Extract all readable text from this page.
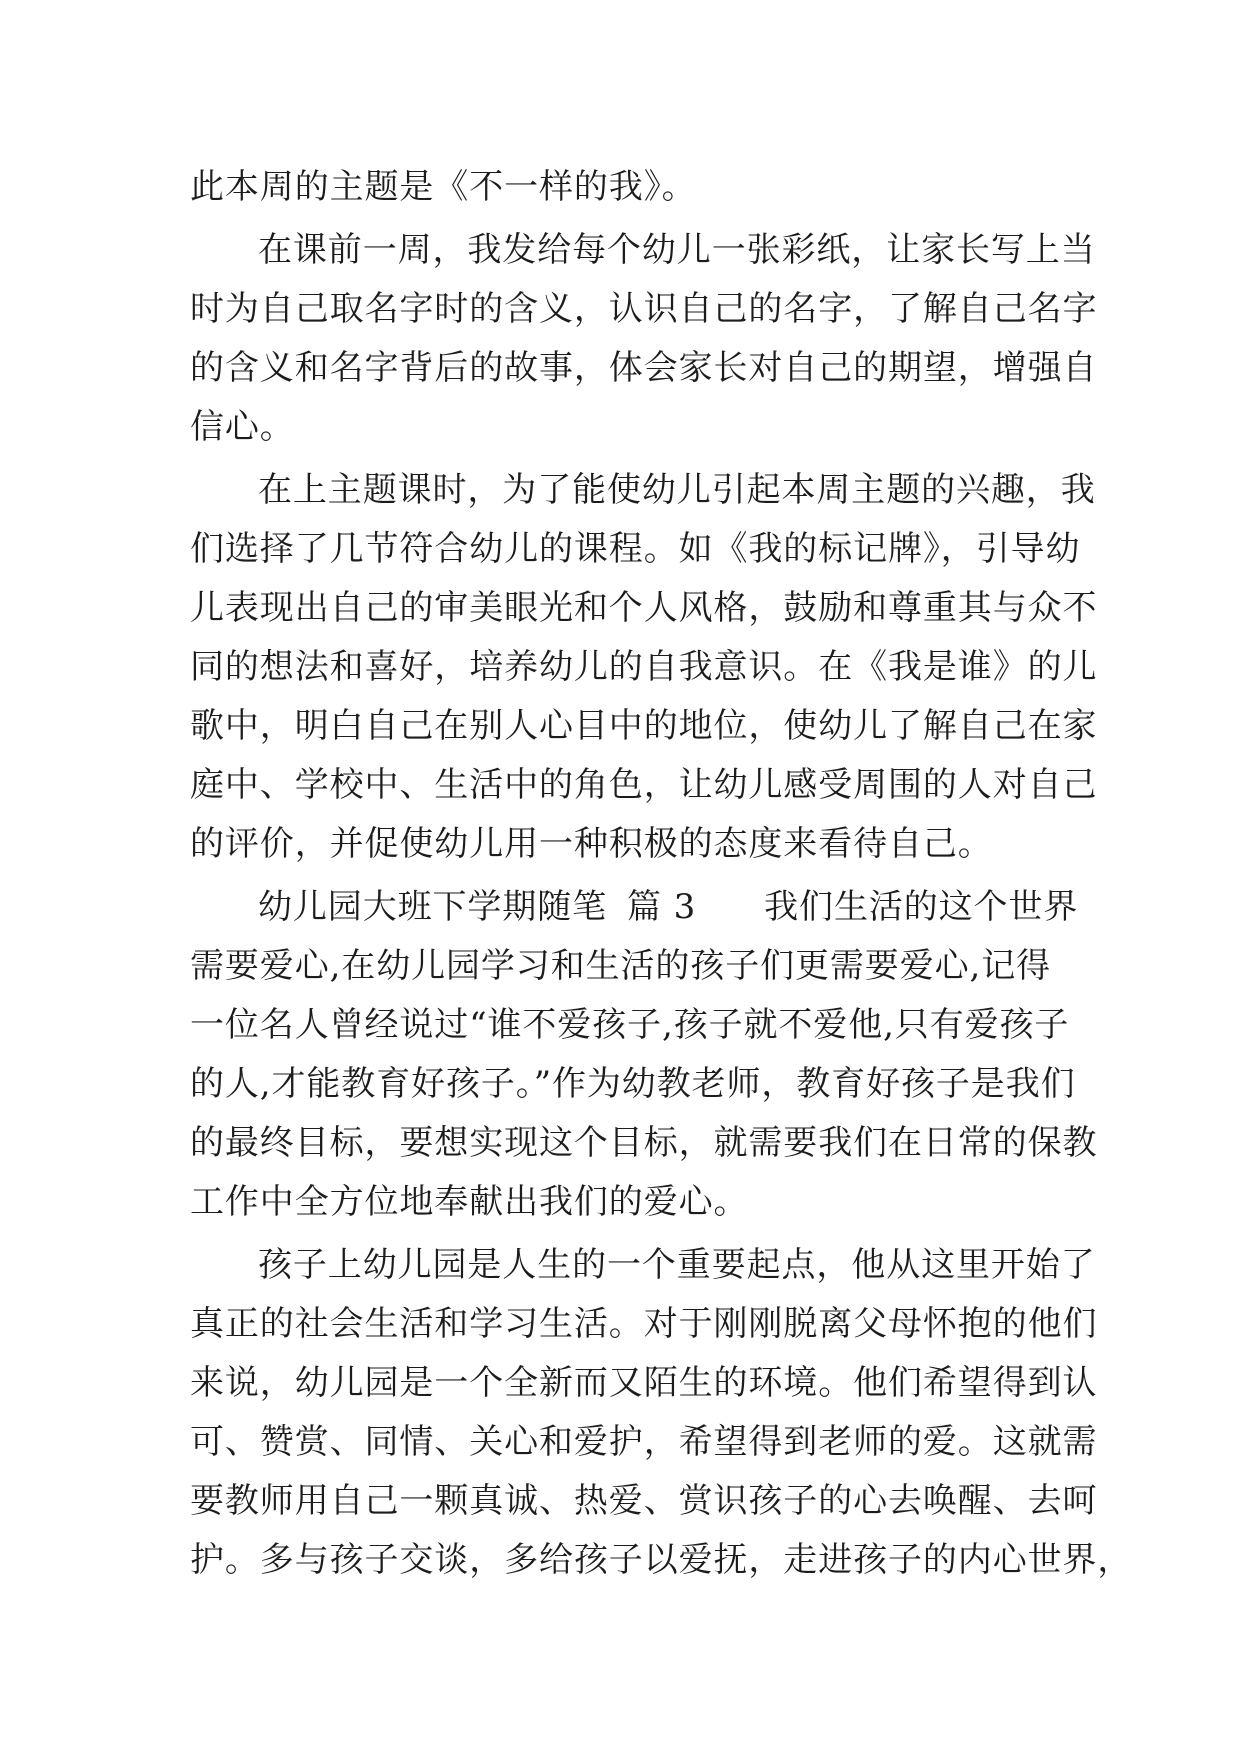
此本周的主题是《不一样的我》。
在课前一周，我发给每个幼儿一张彩纸，让家长写上当
时为自己取名字时的含义，认识自己的名字，了解自己名字
的含义和名字背后的故事，体会家长对自己的期望，增强自
信心。
在上主题课时，为了能使幼儿引起本周主题的兴趣，我
们选择了几节符合幼儿的课程。如《我的标记牌》，引导幼
儿表现出自己的审美眼光和个人风格，鼓励和尊重其与众不
同的想法和喜好，培养幼儿的自我意识。在《我是谁》的儿
歌中，明白自己在别人心目中的地位，使幼儿了解自己在家
庭中、学校中、生活中的角色，让幼儿感受周围的人对自己
的评价，并促使幼儿用一种积极的态度来看待自己。
幼儿园大班下学期随笔 篇 3 我们生活的这个世界
需要爱心,在幼儿园学习和生活的孩子们更需要爱心,记得
一位名人曾经说过“谁不爱孩子,孩子就不爱他,只有爱孩子
的人,才能教育好孩子。”作为幼教老师，教育好孩子是我们
的最终目标，要想实现这个目标，就需要我们在日常的保教
工作中全方位地奉献出我们的爱心。
孩子上幼儿园是人生的一个重要起点，他从这里开始了
真正的社会生活和学习生活。对于刚刚脱离父母怀抱的他们
来说，幼儿园是一个全新而又陌生的环境。他们希望得到认
可、赞赏、同情、关心和爱护，希望得到老师的爱。这就需
要教师用自己一颗真诚、热爱、赏识孩子的心去唤醒、去呵
护。多与孩子交谈，多给孩子以爱抚，走进孩子的内心世界，
